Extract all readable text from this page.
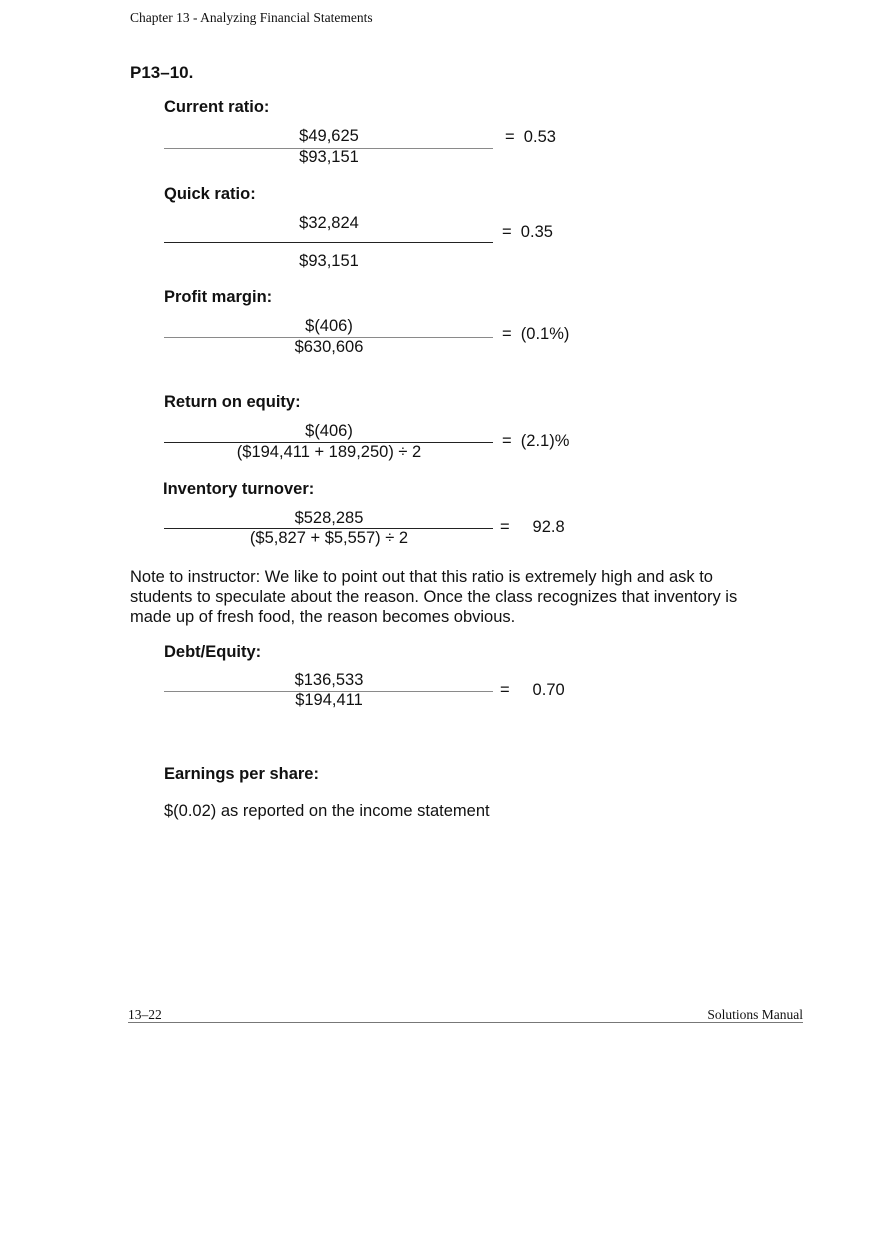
Chapter 13 - Analyzing Financial Statements
P13–10.
Current ratio:
$49,625
$93,151
=  0.53
Quick ratio:
$32,824
$93,151
=  0.35
Profit margin:
$(406)
$630,606
=  (0.1%)
Return on equity:
$(406)
($194,411 + 189,250) ÷ 2
=  (2.1)%
Inventory turnover:
$528,285
($5,827 + $5,557) ÷ 2
=     92.8
Note to instructor: We like to point out that this ratio is extremely high and ask to students to speculate about the reason. Once the class recognizes that inventory is made up of fresh food, the reason becomes obvious.
Debt/Equity:
$136,533
$194,411
=     0.70
Earnings per share:
$(0.02) as reported on the income statement
13–22	Solutions Manual
